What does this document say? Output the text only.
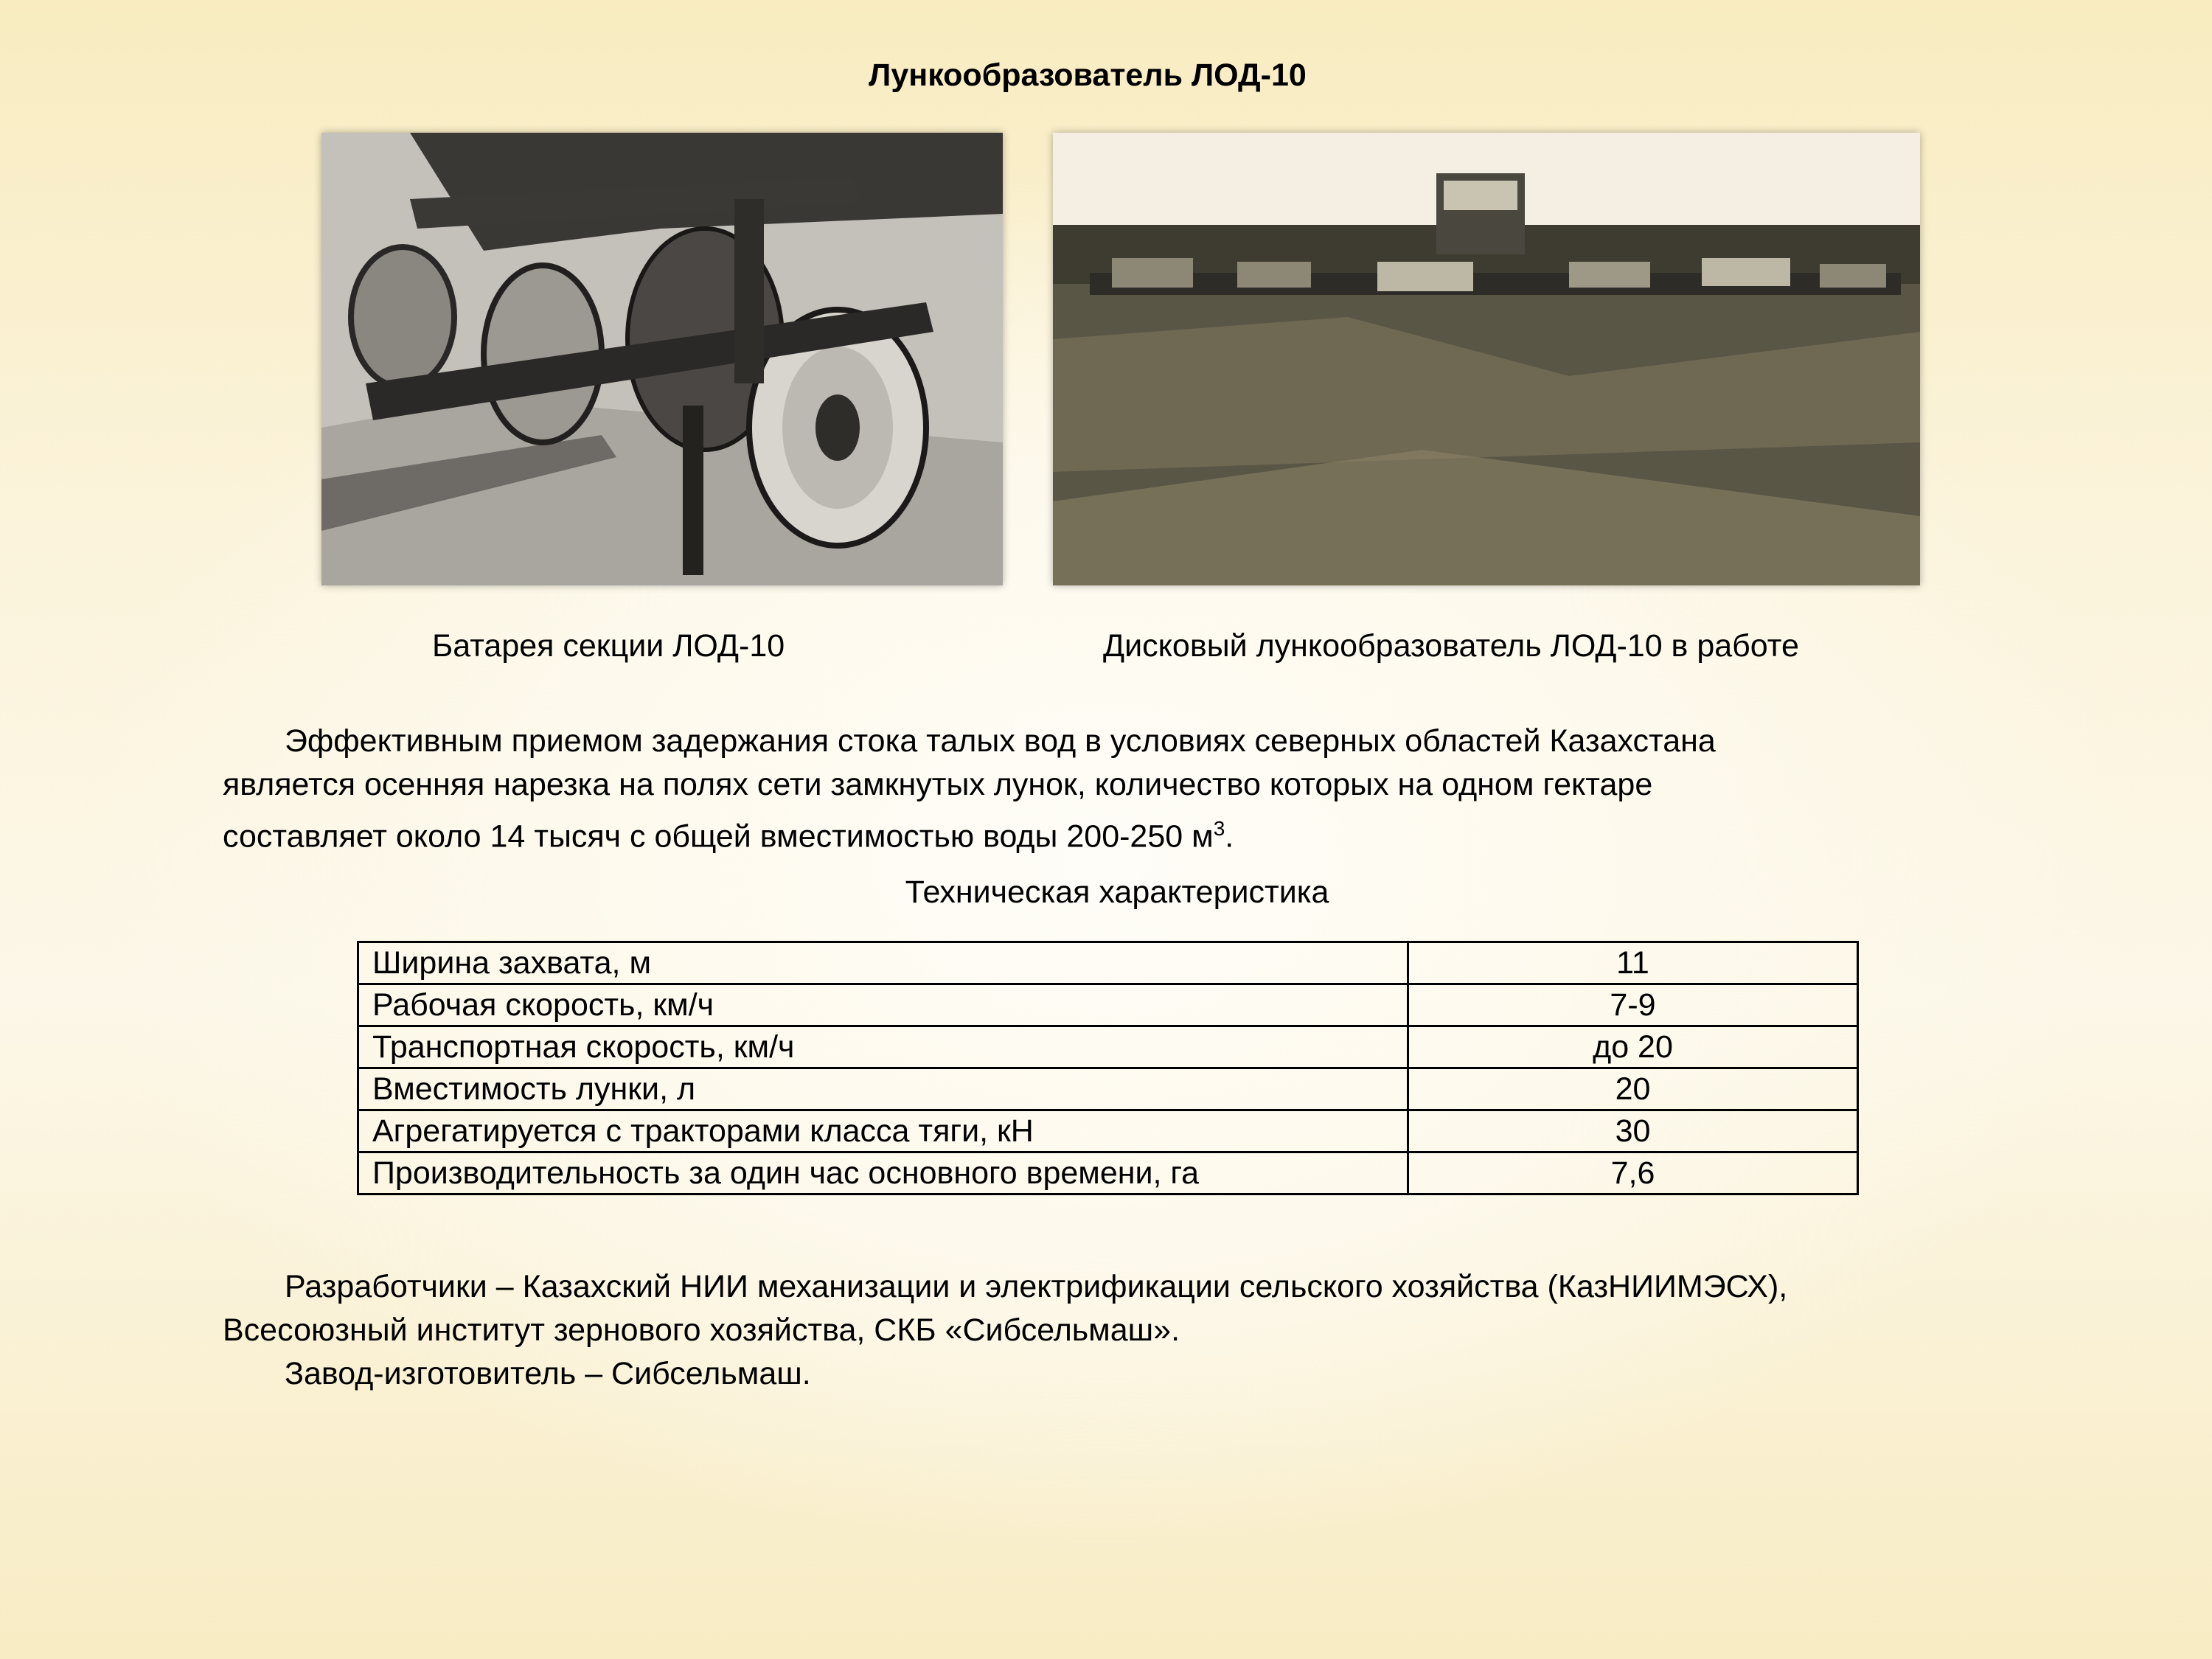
Лункообразователь ЛОД-10
Батарея секции ЛОД-10	Дисковый лункообразователь ЛОД-10 в работе

Эффективным приемом задержания стока талых вод в условиях северных областей Казахстана

является осенняя нарезка на полях сети замкнутых лунок, количество которых на одном гектаре

составляет около 14 тысяч с общей вместимостью воды 200-250 $м^3$.

Техническая характеристика
Ширина захвата, м	11
Рабочая скорость, км/ч	7-9
Транспортная скорость, км/ч	до 20
Вместимость лунки, л	20
Агрегатируется с тракторами класса тяги, кН	30
Производительность за один час основного времени, га	7,6

Разработчики – Казахский НИИ механизации и электрификации сельского хозяйства (КазНИИМЭСХ),

Всесоюзный институт зернового хозяйства, СКБ «Сибсельмаш».

Завод-изготовитель – Сибсельмаш.
